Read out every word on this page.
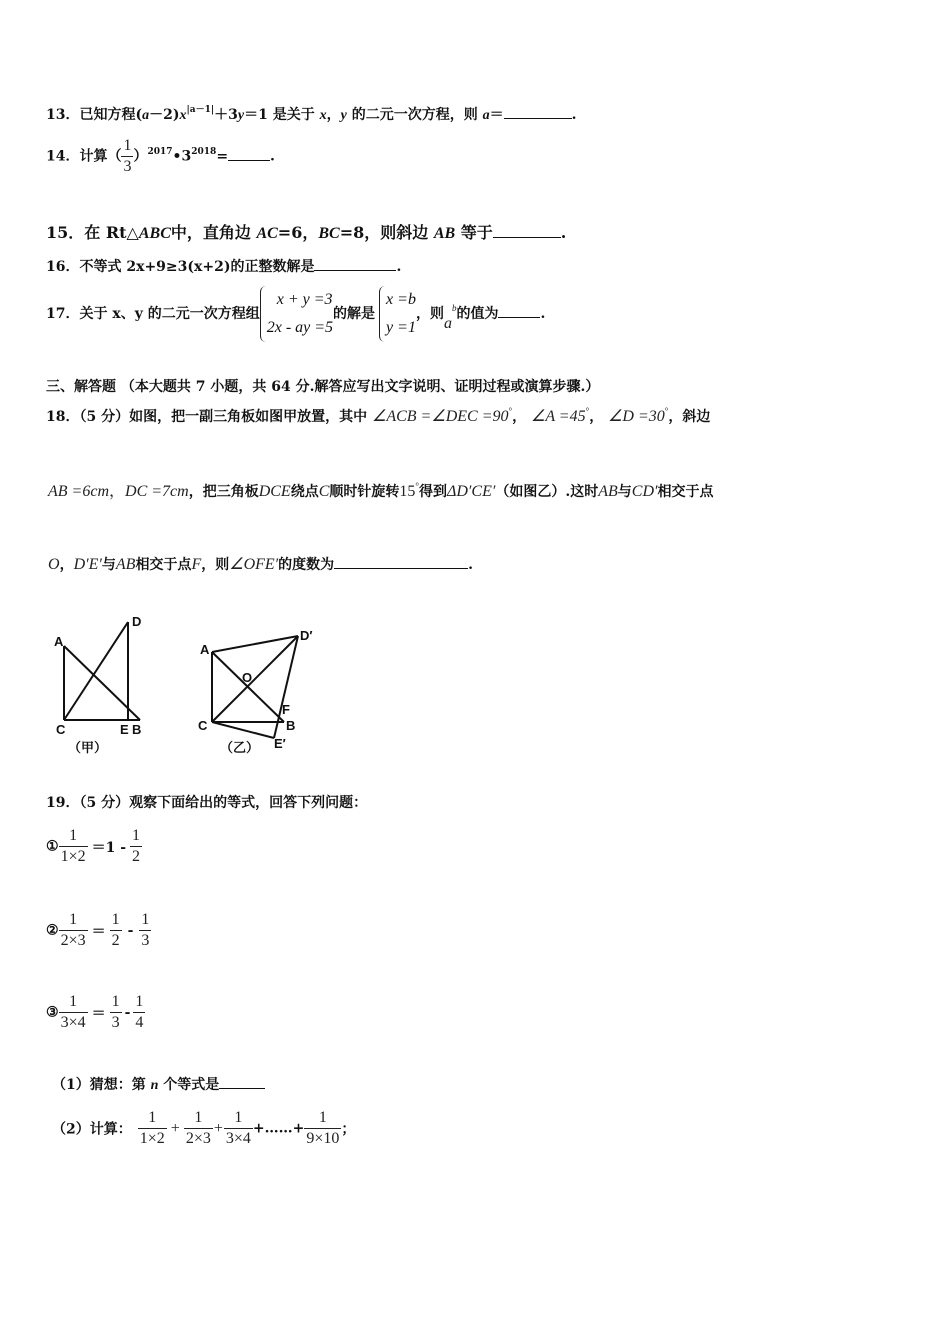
13．已知方程$(a-2)x^{|a-1|}+3y=1$ 是关于 x，y 的二元一次方程，则 a＝	.
14．计算（ $\frac{1}{3}$ ）$^{2017}•3^{2018}=$	.
15．在 Rt△ABC中，直角边 AC=6，BC=8，则斜边 AB 等于	.
16．不等式 2x+9≥3(x+2)的正整数解是	.
17．关于 x、y 的二元一次方程组
x + y =3
2x - ay =5
的解是
x =b
y =1
，则$a^b$的值为	.
三、解答题 （本大题共 7 小题，共 64 分.解答应写出文字说明、证明过程或演算步骤.）
18．（5 分）如图，把一副三角板如图甲放置，其中 ∠ACB =∠DEC =90°， ∠A =45°， ∠D =30°，斜边
AB =6cm，DC =7cm，把三角板DCE绕点C顺时针旋转15°得到ΔD′CE′（如图乙）.这时AB与CD′相交于点
O，D′E′与AB相交于点F，则∠OFE′的度数为	.
A
D
C	E B
（甲）
A
D′
O
F
B
C
E′
（乙）
19．（5 分）观察下面给出的等式，回答下列问题：
① $\frac{1}{1\times 2} =1 - \frac{1}{2}$
② $\frac{1}{2\times 3} = \frac{1}{2} - \frac{1}{3}$
③ $\frac{1}{3\times 4} = \frac{1}{3} - \frac{1}{4}$
（1）猜想：第 n 个等式是
（2）计算： $\frac{1}{1\times 2} + \frac{1}{2\times 3} + \frac{1}{3\times 4}$ +……+ $\frac{1}{9\times 10}$ ；
